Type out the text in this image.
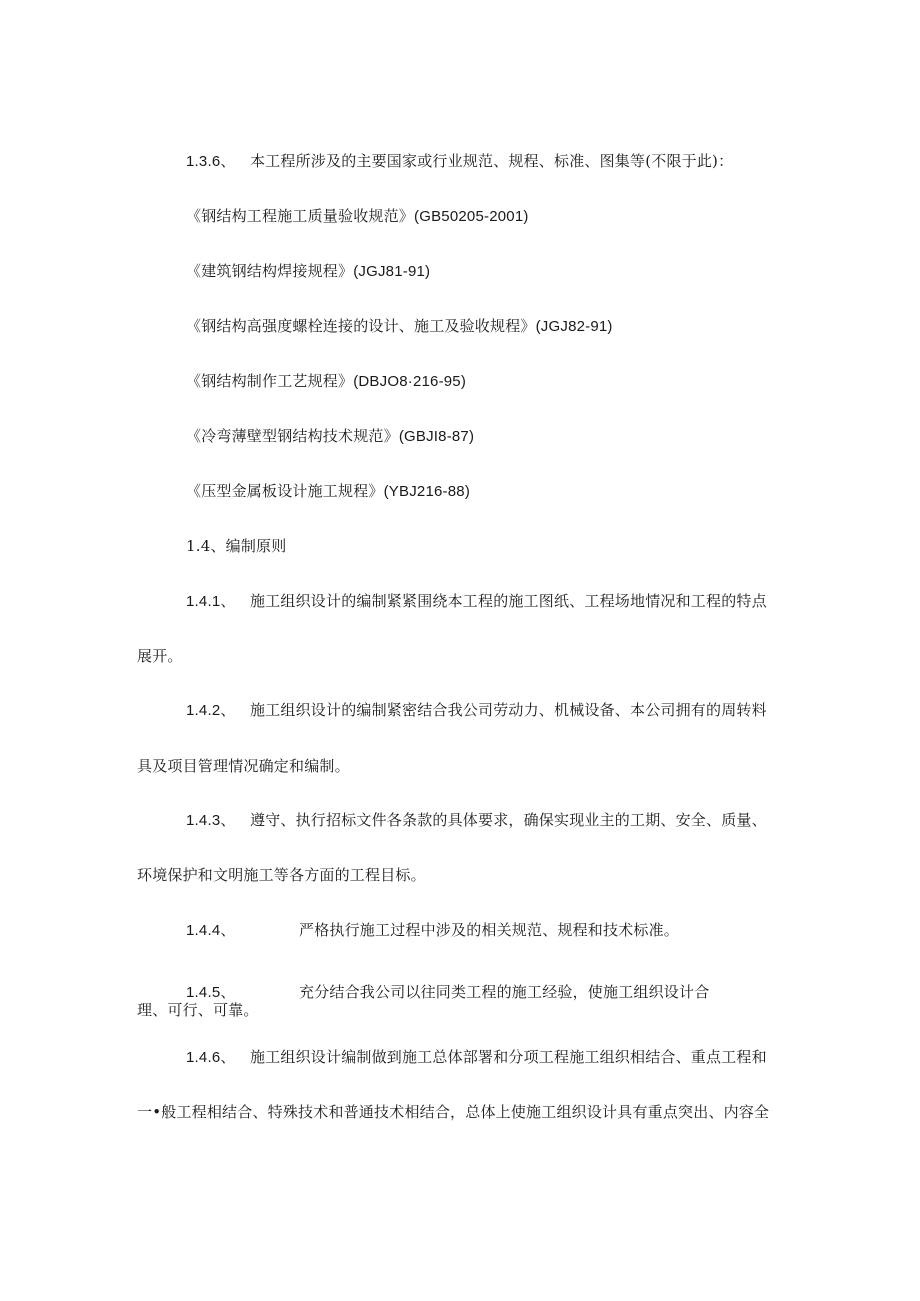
1.3.6、 本工程所涉及的主要国家或行业规范、规程、标准、图集等(不限于此)：
《钢结构工程施工质量验收规范》(GB50205-2001)
《建筑钢结构焊接规程》(JGJ81-91)
《钢结构高强度螺栓连接的设计、施工及验收规程》(JGJ82-91)
《钢结构制作工艺规程》(DBJO8·216-95)
《冷弯薄壁型钢结构技术规范》(GBJI8-87)
《压型金属板设计施工规程》(YBJ216-88)
1.4、编制原则
1.4.1、 施工组织设计的编制紧紧围绕本工程的施工图纸、工程场地情况和工程的特点
展开。
1.4.2、 施工组织设计的编制紧密结合我公司劳动力、机械设备、本公司拥有的周转料
具及项目管理情况确定和编制。
1.4.3、 遵守、执行招标文件各条款的具体要求，确保实现业主的工期、安全、质量、
环境保护和文明施工等各方面的工程目标。
1.4.4、	严格执行施工过程中涉及的相关规范、规程和技术标准。
1.4.5、	充分结合我公司以往同类工程的施工经验，使施工组织设计合
理、可行、可靠。
1.4.6、 施工组织设计编制做到施工总体部署和分项工程施工组织相结合、重点工程和
一•般工程相结合、特殊技术和普通技术相结合，总体上使施工组织设计具有重点突出、内容全
